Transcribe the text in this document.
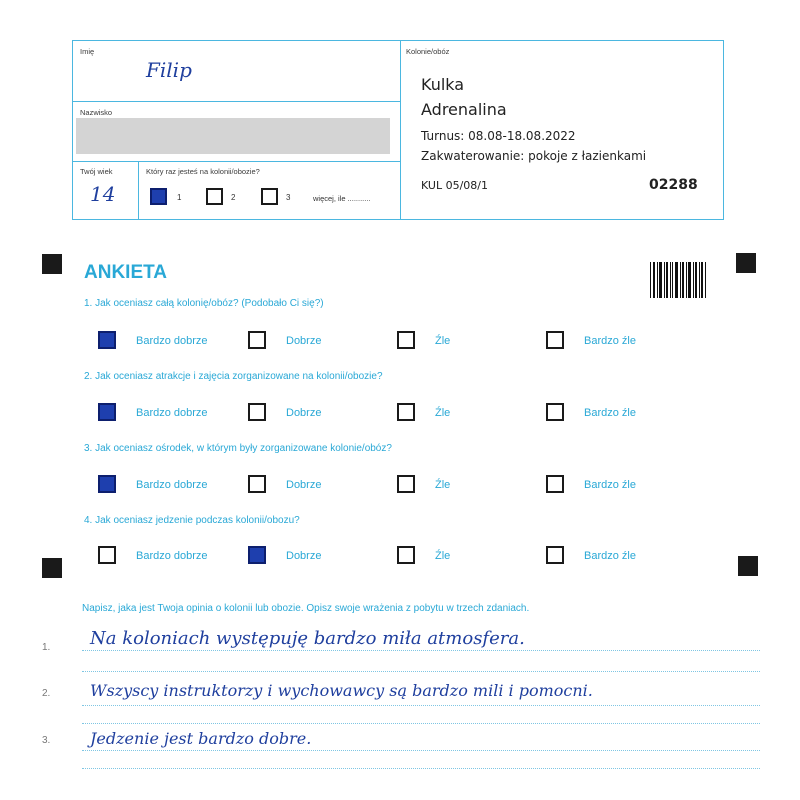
Imię
Filip
Nazwisko
Twój wiek
14
Który raz jesteś na kolonii/obozie?
1	2	3	więcej, ile ...........
Kolonie/obóz
Kulka
Adrenalina
Turnus: 08.08-18.08.2022
Zakwaterowanie: pokoje z łazienkami
KUL 05/08/1	02288
ANKIETA
1. Jak oceniasz całą kolonię/obóz? (Podobało Ci się?)
Bardzo dobrze	Dobrze	Źle	Bardzo źle
2. Jak oceniasz atrakcje i zajęcia zorganizowane na kolonii/obozie?
Bardzo dobrze	Dobrze	Źle	Bardzo źle
3. Jak oceniasz ośrodek, w którym były zorganizowane kolonie/obóz?
Bardzo dobrze	Dobrze	Źle	Bardzo źle
4. Jak oceniasz jedzenie podczas kolonii/obozu?
Bardzo dobrze	Dobrze	Źle	Bardzo źle
Napisz, jaka jest Twoja opinia o kolonii lub obozie. Opisz swoje wrażenia z pobytu w trzech zdaniach.
1. Na koloniach występuję bardzo miła atmosfera.
2. Wszyscy instruktorzy i wychowawcy są bardzo mili i pomocni.
3. Jedzenie jest bardzo dobre.
